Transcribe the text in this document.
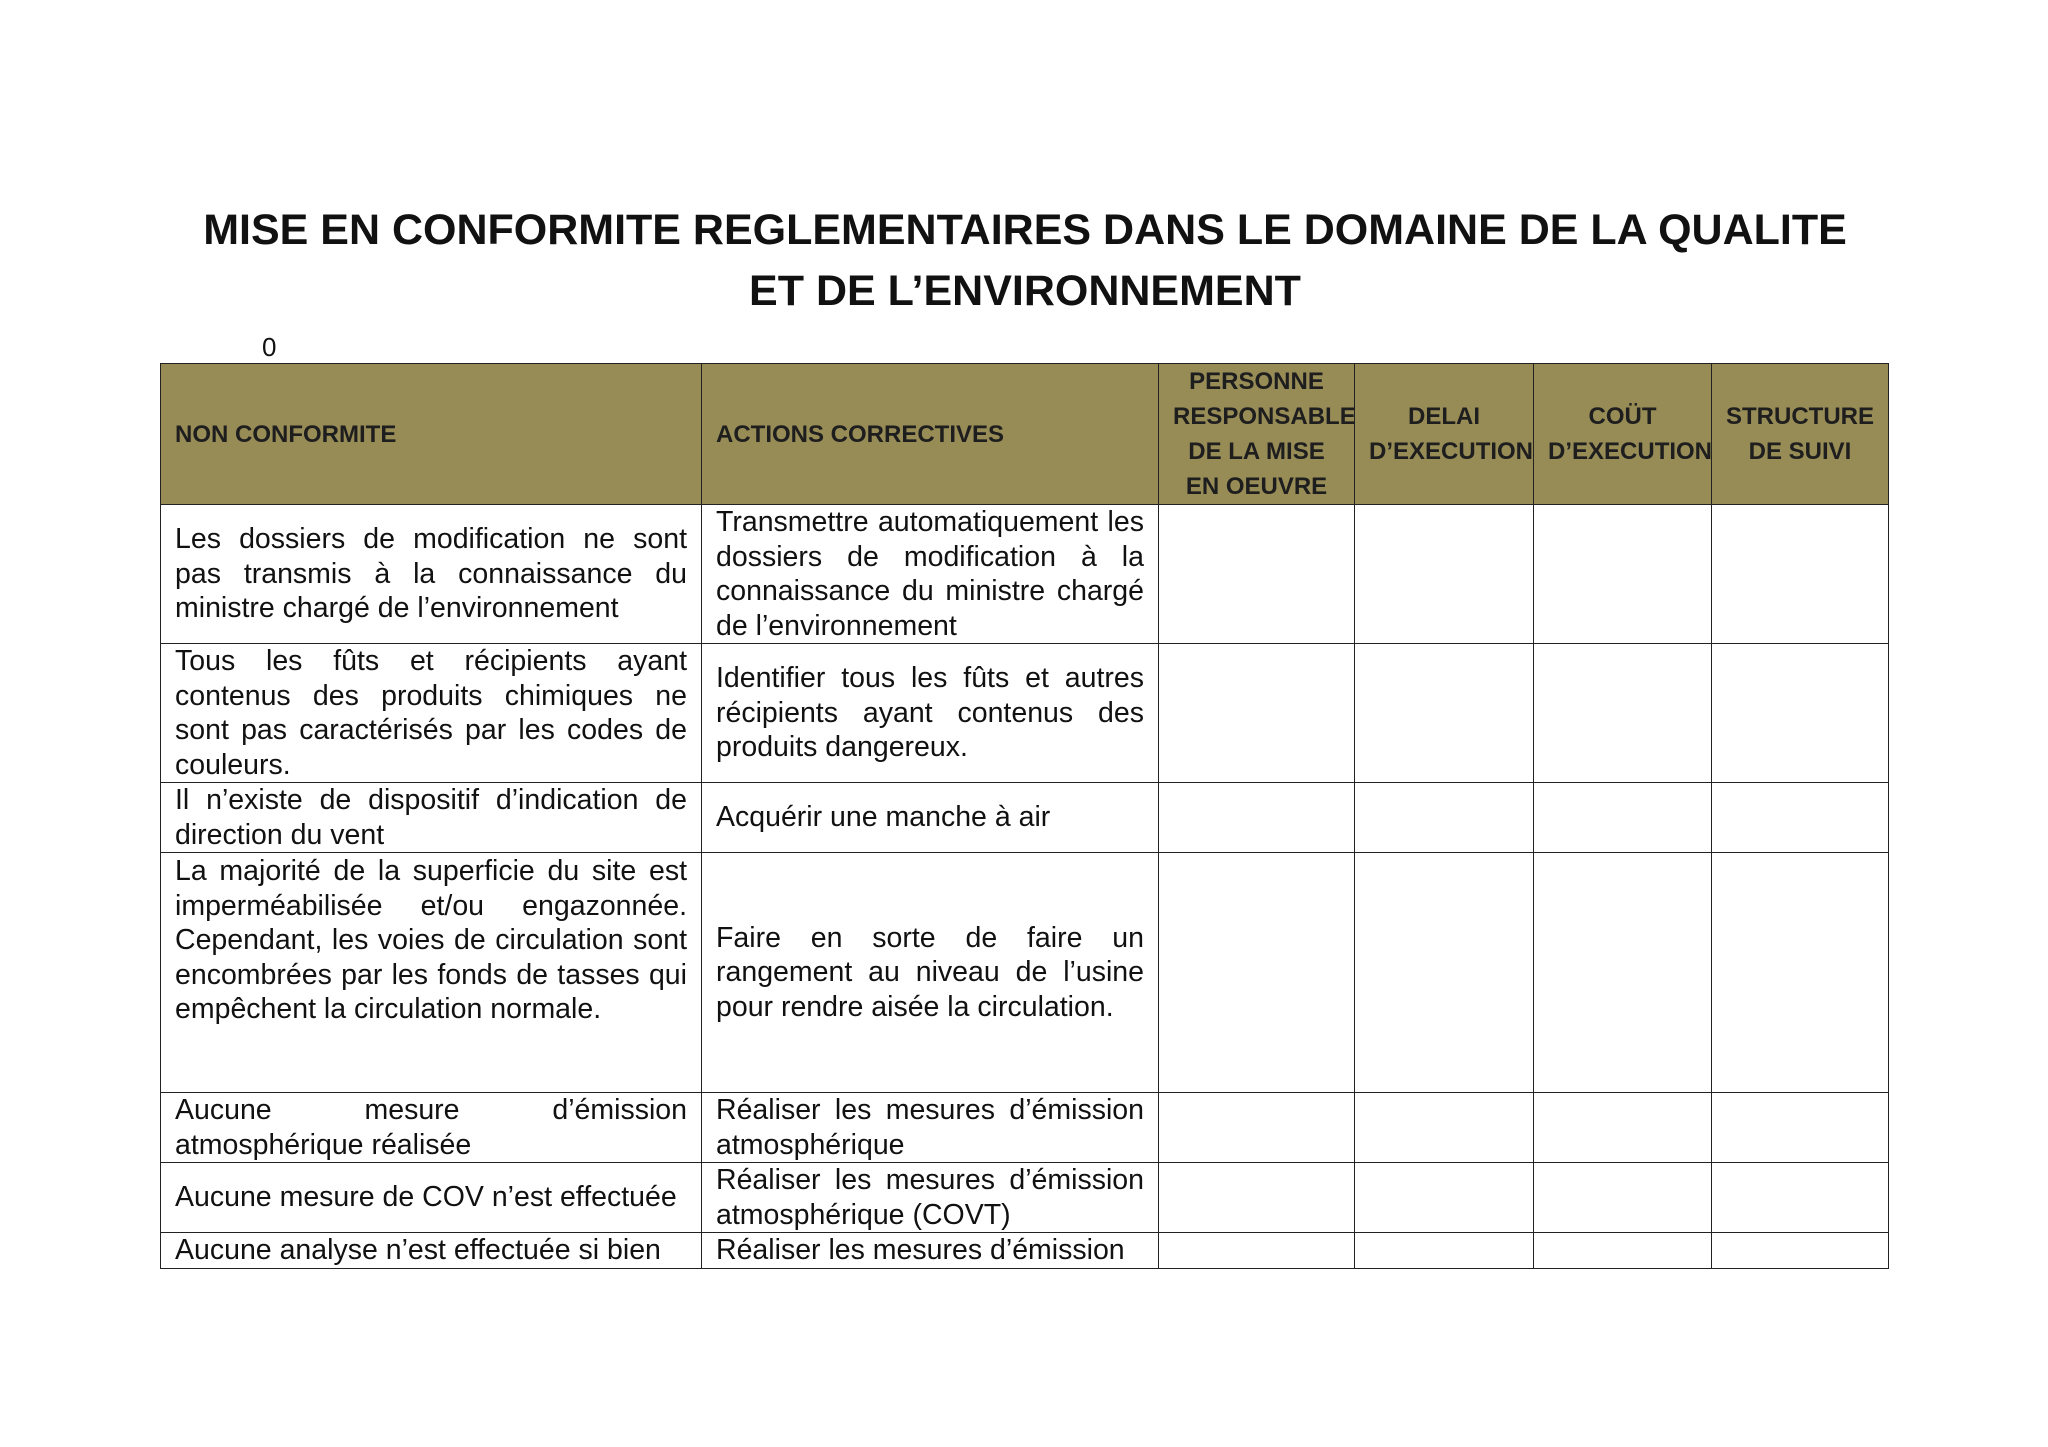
MISE EN CONFORMITE REGLEMENTAIRES DANS LE DOMAINE DE LA QUALITE
ET DE L’ENVIRONNEMENT
0
NON CONFORMITE	ACTIONS CORRECTIVES	PERSONNE RESPONSABLE DE LA MISE EN OEUVRE	DELAI D’EXECUTION	COÜT D’EXECUTION	STRUCTURE DE SUIVI

Les dossiers de modification ne sont pas transmis à la connaissance du ministre chargé de l’environnement	Transmettre automatiquement les dossiers de modification à la connaissance du ministre chargé de l’environnement				

Tous les fûts et récipients ayant contenus des produits chimiques ne sont pas caractérisés par les codes de couleurs.	Identifier tous les fûts et autres récipients ayant contenus des produits dangereux.				

Il n’existe de dispositif d’indication de direction du vent	Acquérir une manche à air				

La majorité de la superficie du site est imperméabilisée et/ou engazonnée. Cependant, les voies de circulation sont encombrées par les fonds de tasses qui empêchent la circulation normale.	Faire en sorte de faire un rangement au niveau de l’usine pour rendre aisée la circulation.				

Aucune mesure d’émission atmosphérique réalisée	Réaliser les mesures d’émission atmosphérique				

Aucune mesure de COV n’est effectuée	Réaliser les mesures d’émission atmosphérique (COVT)				

Aucune analyse n’est effectuée si bien	Réaliser les mesures d’émission				
